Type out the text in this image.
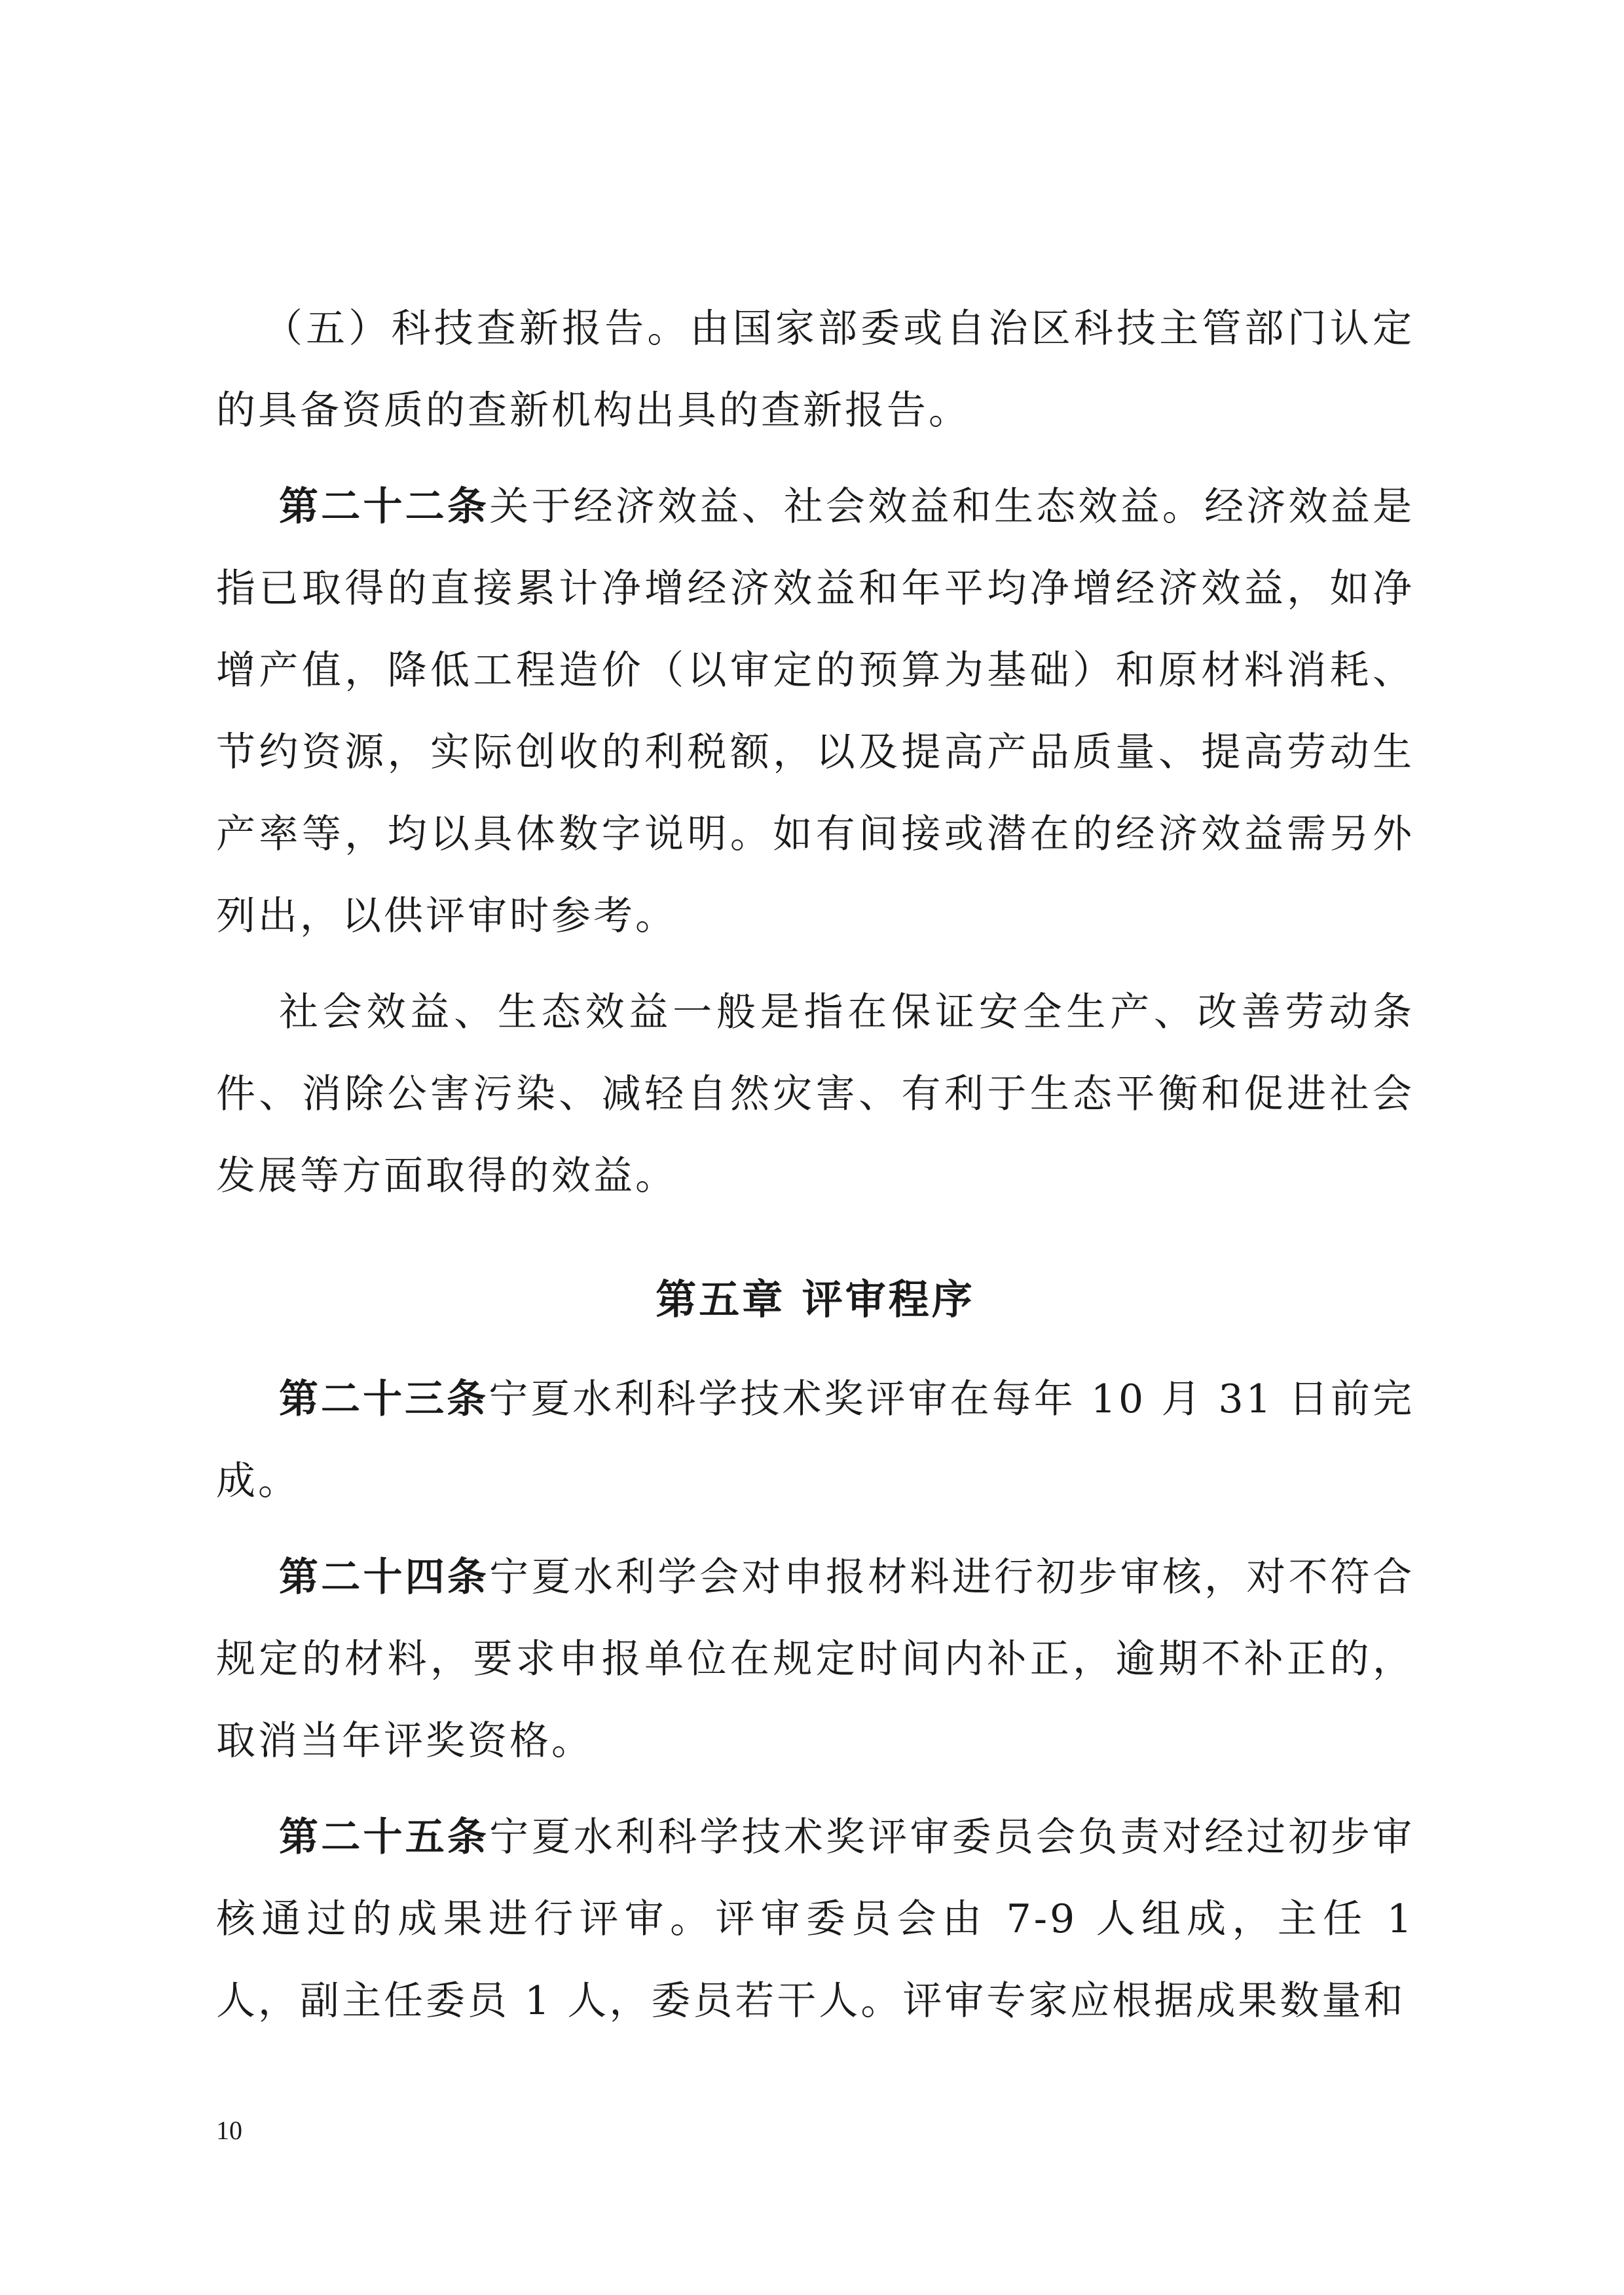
（五）科技查新报告。由国家部委或自治区科技主管部门认定的具备资质的查新机构出具的查新报告。

第二十二条关于经济效益、社会效益和生态效益。经济效益是指已取得的直接累计净增经济效益和年平均净增经济效益，如净增产值，降低工程造价（以审定的预算为基础）和原材料消耗、节约资源，实际创收的利税额，以及提高产品质量、提高劳动生产率等，均以具体数字说明。如有间接或潜在的经济效益需另外列出，以供评审时参考。

社会效益、生态效益一般是指在保证安全生产、改善劳动条件、消除公害污染、减轻自然灾害、有利于生态平衡和促进社会发展等方面取得的效益。

第五章 评审程序

第二十三条宁夏水利科学技术奖评审在每年 10 月 31 日前完成。

第二十四条宁夏水利学会对申报材料进行初步审核，对不符合规定的材料，要求申报单位在规定时间内补正，逾期不补正的，取消当年评奖资格。

第二十五条宁夏水利科学技术奖评审委员会负责对经过初步审核通过的成果进行评审。评审委员会由 7-9 人组成，主任 1 人，副主任委员 1 人，委员若干人。评审专家应根据成果数量和

10
